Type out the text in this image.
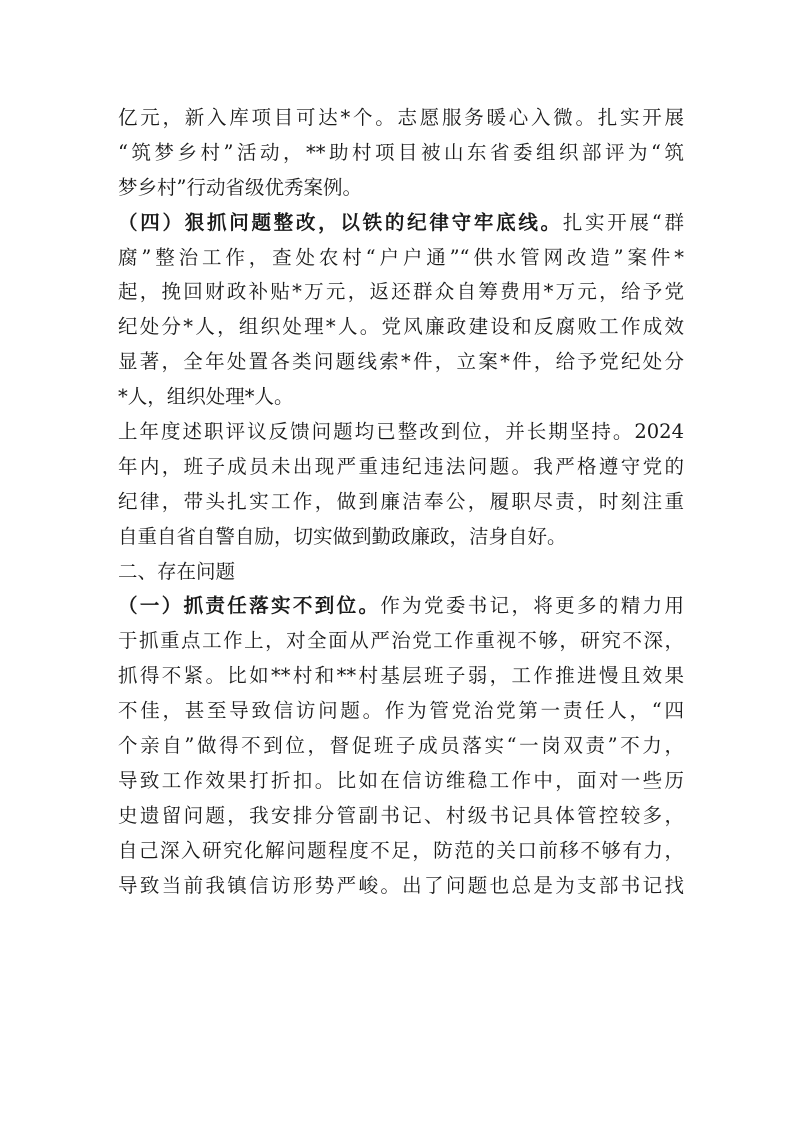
亿元，新入库项目可达*个。志愿服务暖心入微。扎实开展
“筑梦乡村”活动，**助村项目被山东省委组织部评为“筑
梦乡村”行动省级优秀案例。
（四）狠抓问题整改，以铁的纪律守牢底线。扎实开展“群
腐”整治工作，查处农村“户户通”“供水管网改造”案件*
起，挽回财政补贴*万元，返还群众自筹费用*万元，给予党
纪处分*人，组织处理*人。党风廉政建设和反腐败工作成效
显著，全年处置各类问题线索*件，立案*件，给予党纪处分
*人，组织处理*人。
上年度述职评议反馈问题均已整改到位，并长期坚持。2024
年内，班子成员未出现严重违纪违法问题。我严格遵守党的
纪律，带头扎实工作，做到廉洁奉公，履职尽责，时刻注重
自重自省自警自励，切实做到勤政廉政，洁身自好。
二、存在问题
（一）抓责任落实不到位。作为党委书记，将更多的精力用
于抓重点工作上，对全面从严治党工作重视不够，研究不深，
抓得不紧。比如**村和**村基层班子弱，工作推进慢且效果
不佳，甚至导致信访问题。作为管党治党第一责任人，“四
个亲自”做得不到位，督促班子成员落实“一岗双责”不力，
导致工作效果打折扣。比如在信访维稳工作中，面对一些历
史遗留问题，我安排分管副书记、村级书记具体管控较多，
自己深入研究化解问题程度不足，防范的关口前移不够有力，
导致当前我镇信访形势严峻。出了问题也总是为支部书记找
